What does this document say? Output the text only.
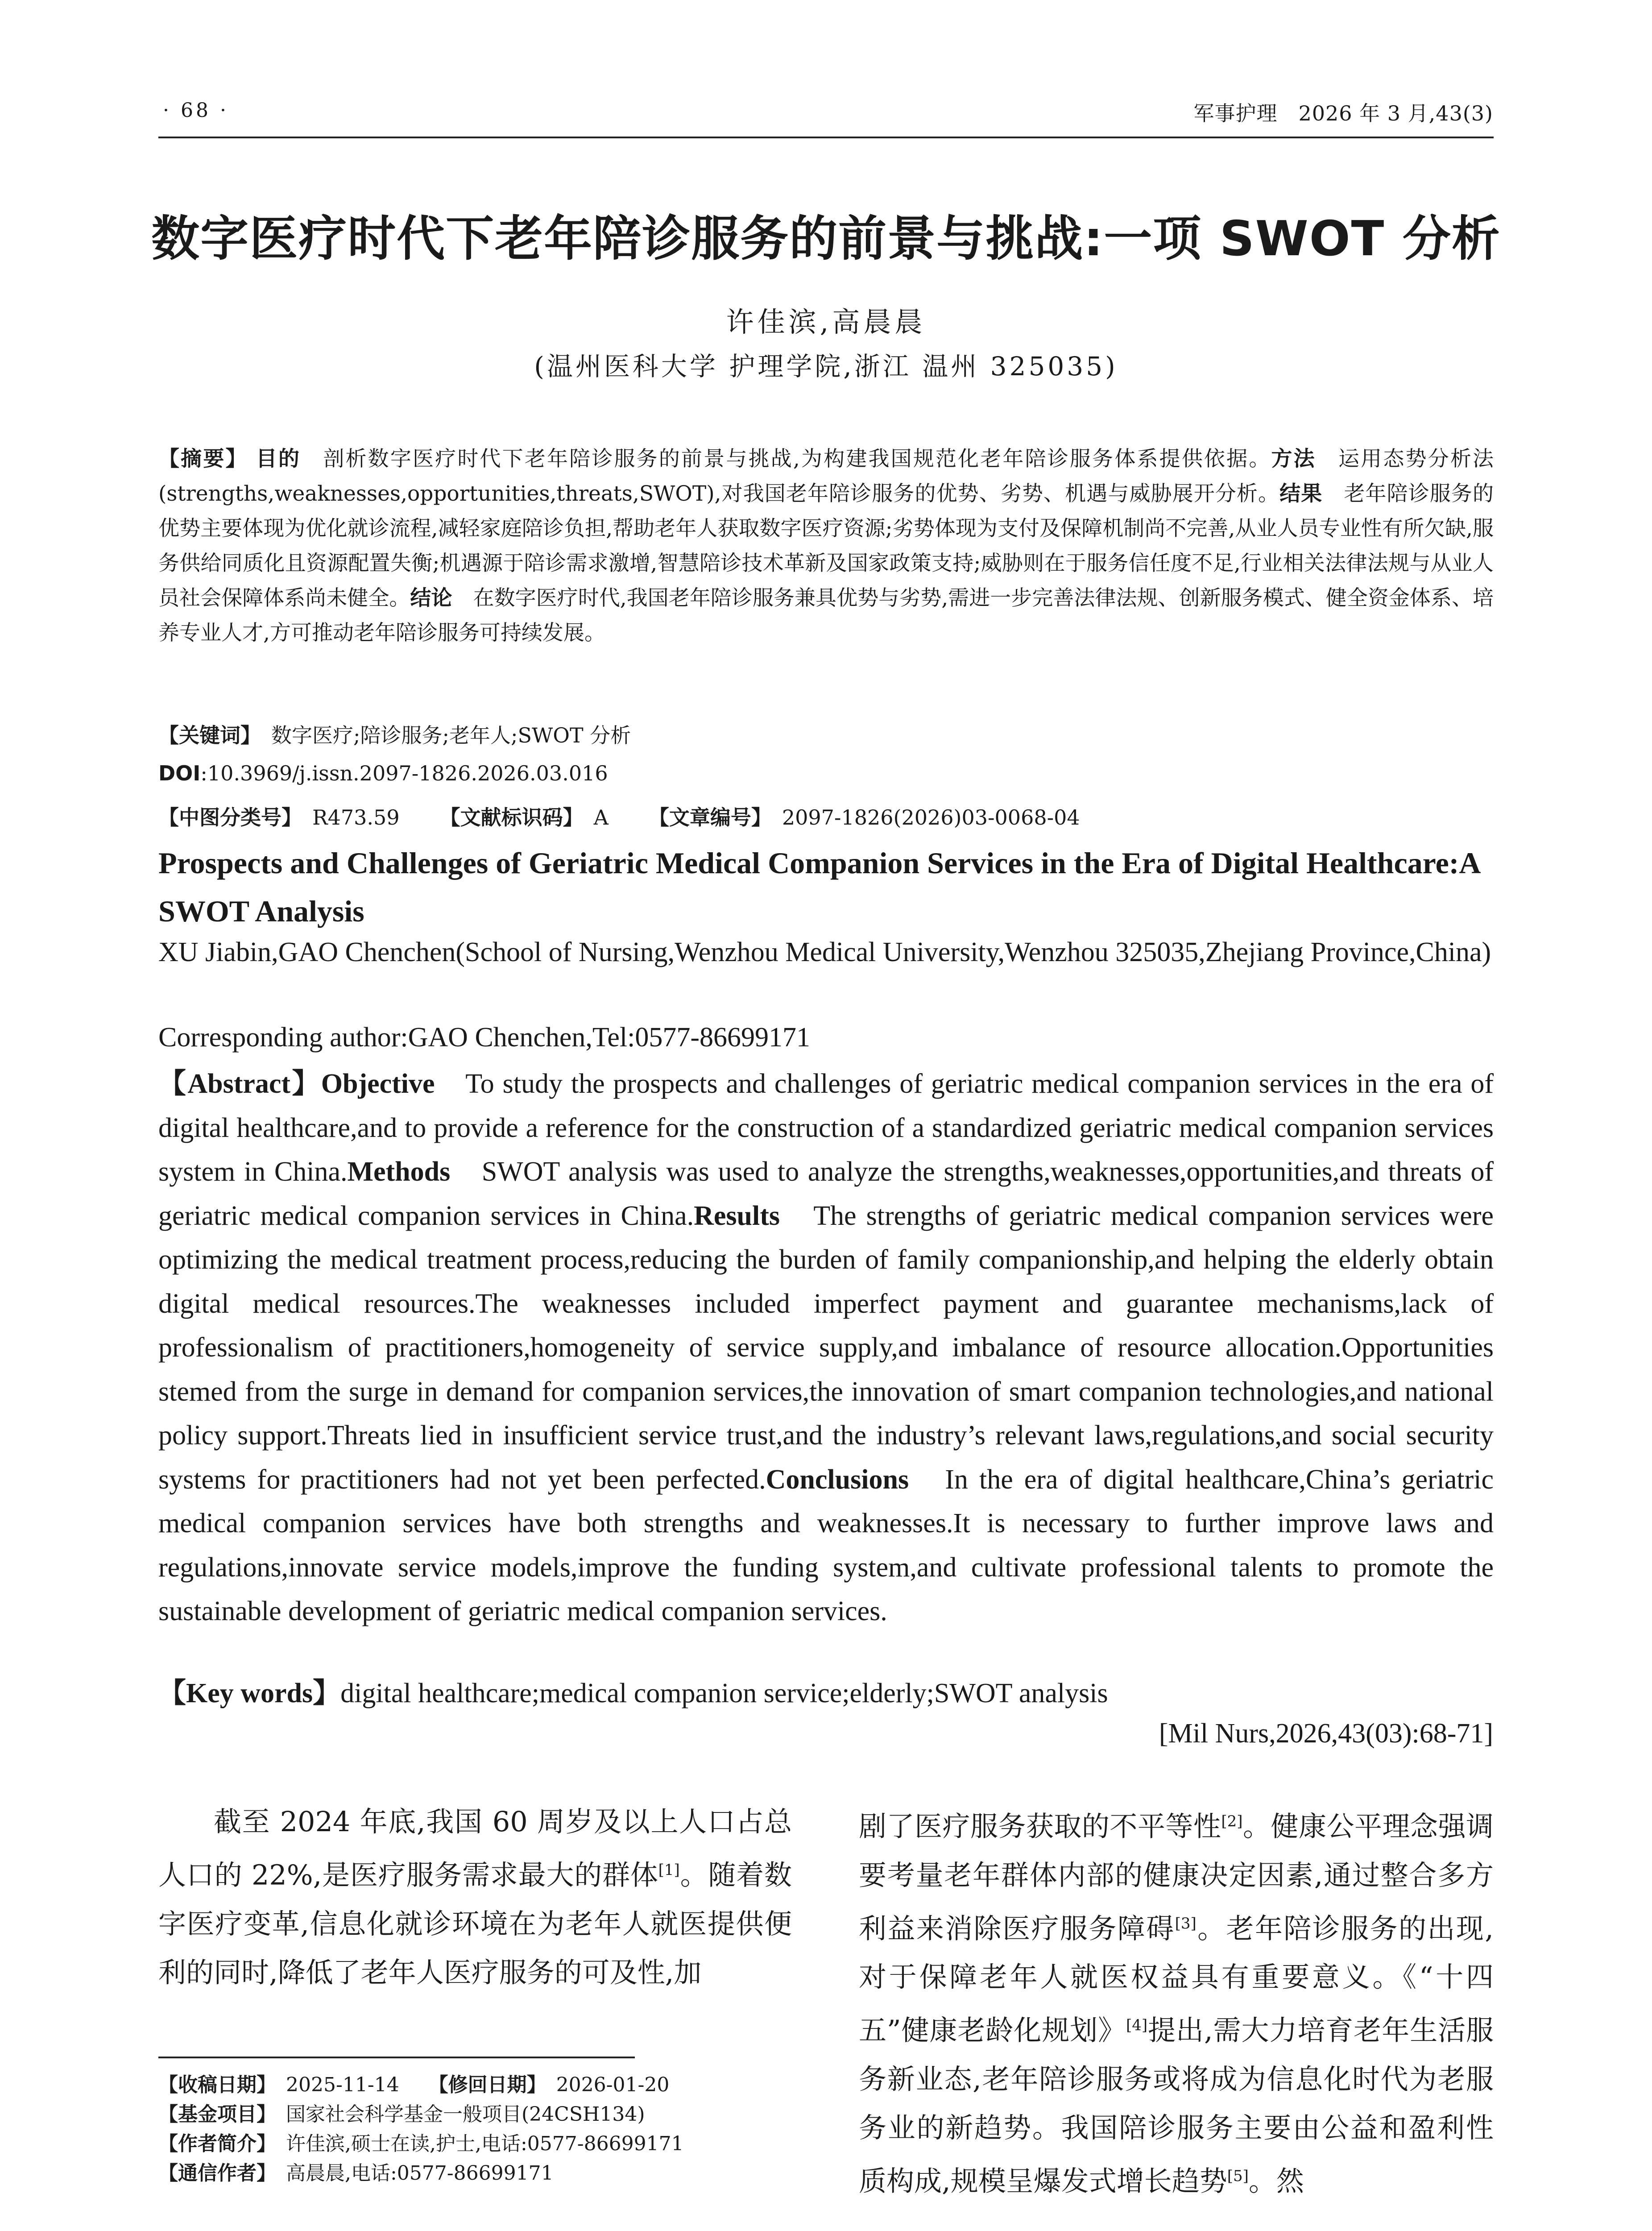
· 68 ·	军事护理　2026 年 3 月,43(3)
数字医疗时代下老年陪诊服务的前景与挑战:一项 SWOT 分析
许佳滨,高晨晨
(温州医科大学 护理学院,浙江 温州 325035)
【摘要】 目的　 剖析数字医疗时代下老年陪诊服务的前景与挑战,为构建我国规范化老年陪诊服务体系提供依据。方法　 运用态势分析法(strengths,weaknesses,opportunities,threats,SWOT),对我国老年陪诊服务的优势、劣势、机遇与威胁展开分析。结果　 老年陪诊服务的优势主要体现为优化就诊流程,减轻家庭陪诊负担,帮助老年人获取数字医疗资源;劣势体现为支付及保障机制尚不完善,从业人员专业性有所欠缺,服务供给同质化且资源配置失衡;机遇源于陪诊需求激增,智慧陪诊技术革新及国家政策支持;威胁则在于服务信任度不足,行业相关法律法规与从业人员社会保障体系尚未健全。结论　 在数字医疗时代,我国老年陪诊服务兼具优势与劣势,需进一步完善法律法规、创新服务模式、健全资金体系、培养专业人才,方可推动老年陪诊服务可持续发展。
【关键词】　 数字医疗;陪诊服务;老年人;SWOT 分析
DOI:10.3969/j.issn.2097-1826.2026.03.016
【中图分类号】　 R473.59 【文献标识码】　 A 【文章编号】　 2097-1826(2026)03-0068-04
Prospects and Challenges of Geriatric Medical Companion Services in the Era of Digital Healthcare:A SWOT Analysis
XU Jiabin,GAO Chenchen(School of Nursing,Wenzhou Medical University,Wenzhou 325035,Zhejiang Province,China)
Corresponding author:GAO Chenchen,Tel:0577-86699171
【Abstract】Objective　 To study the prospects and challenges of geriatric medical companion services in the era of digital healthcare,and to provide a reference for the construction of a standardized geriatric medical companion services system in China.Methods　 SWOT analysis was used to analyze the strengths,weaknesses,opportunities,and threats of geriatric medical companion services in China.Results　 The strengths of geriatric medical companion services were optimizing the medical treatment process,reducing the burden of family companionship,and helping the elderly obtain digital medical resources.The weaknesses included imperfect payment and guarantee mechanisms,lack of professionalism of practitioners,homogeneity of service supply,and imbalance of resource allocation.Opportunities stemed from the surge in demand for companion services,the innovation of smart companion technologies,and national policy support.Threats lied in insufficient service trust,and the industry’s relevant laws,regulations,and social security systems for practitioners had not yet been perfected.Conclusions　 In the era of digital healthcare,China’s geriatric medical companion services have both strengths and weaknesses.It is necessary to further improve laws and regulations,innovate service models,improve the funding system,and cultivate professional talents to promote the sustainable development of geriatric medical companion services.
【Key words】digital healthcare;medical companion service;elderly;SWOT analysis
[Mil Nurs,2026,43(03):68-71]
截至 2024 年底,我国 60 周岁及以上人口占总人口的 22%,是医疗服务需求最大的群体[1]。随着数字医疗变革,信息化就诊环境在为老年人就医提供便利的同时,降低了老年人医疗服务的可及性,加
剧了医疗服务获取的不平等性[2]。健康公平理念强调要考量老年群体内部的健康决定因素,通过整合多方利益来消除医疗服务障碍[3]。老年陪诊服务的出现,对于保障老年人就医权益具有重要意义。《“十四五”健康老龄化规划》[4]提出,需大力培育老年生活服务新业态,老年陪诊服务或将成为信息化时代为老服务业的新趋势。我国陪诊服务主要由公益和盈利性质构成,规模呈爆发式增长趋势[5]。然
【收稿日期】　 2025-11-14　　 【修回日期】　 2026-01-20
【基金项目】　 国家社会科学基金一般项目(24CSH134)
【作者简介】　 许佳滨,硕士在读,护士,电话:0577-86699171
【通信作者】　 高晨晨,电话:0577-86699171
